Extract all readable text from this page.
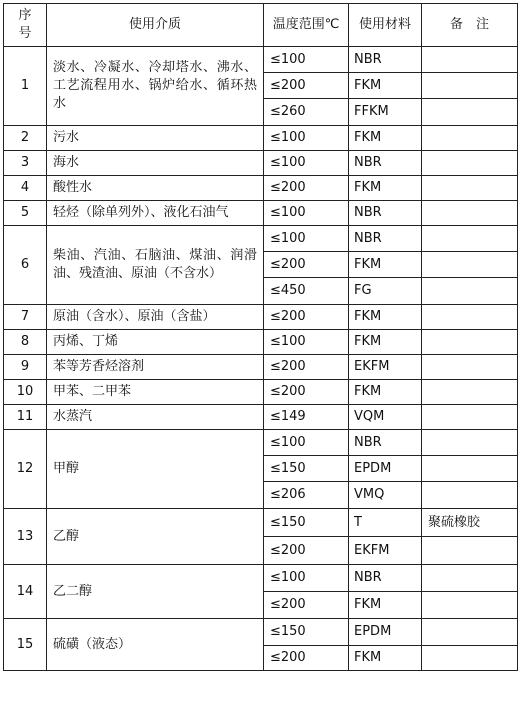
序号	使用介质	温度范围℃	使用材料	备　注
1	淡水、冷凝水、冷却塔水、沸水、工艺流程用水、锅炉给水、循环热水	≤100	NBR	
		≤200	FKM	
		≤260	FFKM	
2	污水	≤100	FKM	
3	海水	≤100	NBR	
4	酸性水	≤200	FKM	
5	轻烃（除单列外）、液化石油气	≤100	NBR	
6	柴油、汽油、石脑油、煤油、润滑油、残渣油、原油（不含水）	≤100	NBR	
		≤200	FKM	
		≤450	FG	
7	原油（含水）、原油（含盐）	≤200	FKM	
8	丙烯、丁烯	≤100	FKM	
9	苯等芳香烃溶剂	≤200	EKFM	
10	甲苯、二甲苯	≤200	FKM	
11	水蒸汽	≤149	VQM	
12	甲醇	≤100	NBR	
		≤150	EPDM	
		≤206	VMQ	
13	乙醇	≤150	T	聚硫橡胶
		≤200	EKFM	
14	乙二醇	≤100	NBR	
		≤200	FKM	
15	硫磺（液态）	≤150	EPDM	
		≤200	FKM	
